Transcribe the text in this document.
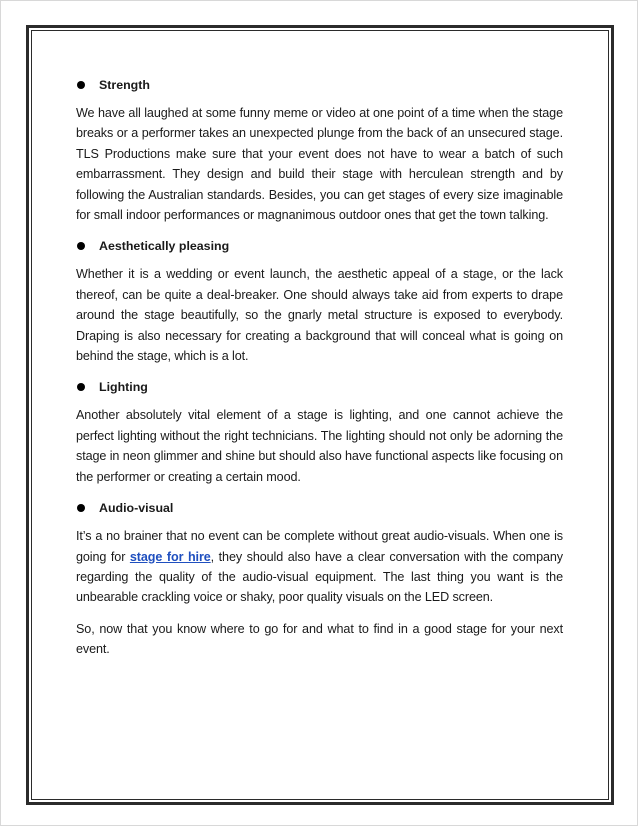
Strength

We have all laughed at some funny meme or video at one point of a time when the stage breaks or a performer takes an unexpected plunge from the back of an unsecured stage. TLS Productions make sure that your event does not have to wear a batch of such embarrassment. They design and build their stage with herculean strength and by following the Australian standards. Besides, you can get stages of every size imaginable for small indoor performances or magnanimous outdoor ones that get the town talking.

Aesthetically pleasing

Whether it is a wedding or event launch, the aesthetic appeal of a stage, or the lack thereof, can be quite a deal-breaker. One should always take aid from experts to drape around the stage beautifully, so the gnarly metal structure is exposed to everybody. Draping is also necessary for creating a background that will conceal what is going on behind the stage, which is a lot.

Lighting

Another absolutely vital element of a stage is lighting, and one cannot achieve the perfect lighting without the right technicians. The lighting should not only be adorning the stage in neon glimmer and shine but should also have functional aspects like focusing on the performer or creating a certain mood.

Audio-visual

It’s a no brainer that no event can be complete without great audio-visuals. When one is going for stage for hire, they should also have a clear conversation with the company regarding the quality of the audio-visual equipment. The last thing you want is the unbearable crackling voice or shaky, poor quality visuals on the LED screen.

So, now that you know where to go for and what to find in a good stage for your next event.
